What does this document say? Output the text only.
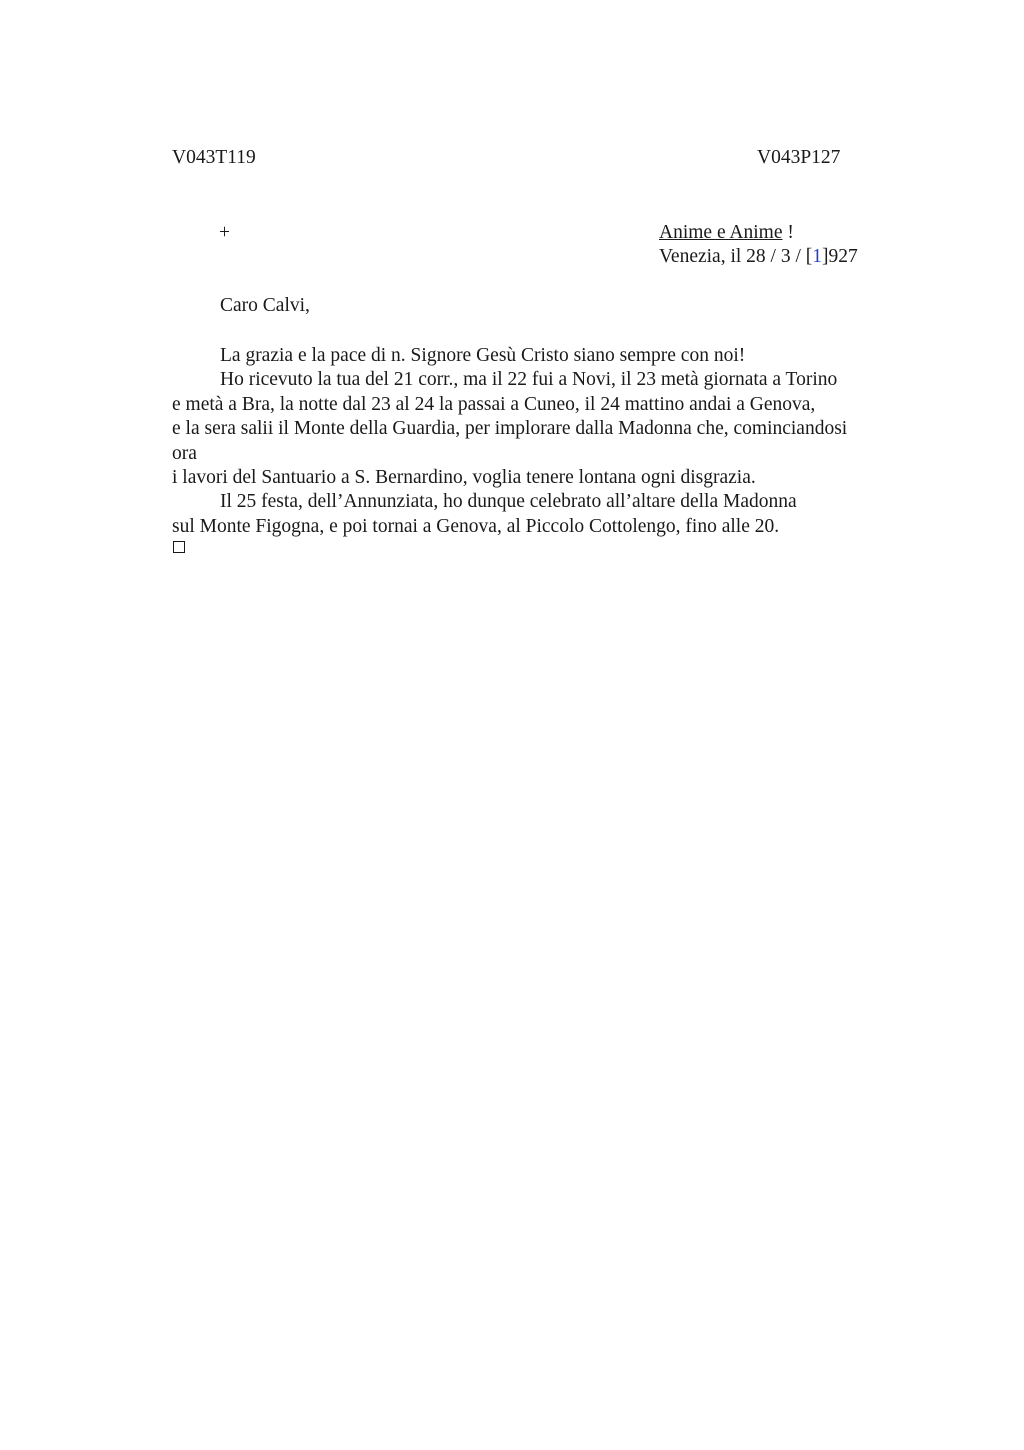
V043T119	V043P127
+	Anime e Anime !
Venezia, il 28 / 3 / [1]927
Caro Calvi,
La grazia e la pace di n. Signore Gesù Cristo siano sempre con noi!
Ho ricevuto la tua del 21 corr., ma il 22 fui a Novi, il 23 metà giornata a Torino
e metà a Bra, la notte dal 23 al 24 la passai a Cuneo, il 24 mattino andai a Genova,
e la sera salii il Monte della Guardia, per implorare dalla Madonna che, cominciandosi
ora
i lavori del Santuario a S. Bernardino, voglia tenere lontana ogni disgrazia.
Il 25 festa, dell’Annunziata, ho dunque celebrato all’altare della Madonna
sul Monte Figogna, e poi tornai a Genova, al Piccolo Cottolengo, fino alle 20.
